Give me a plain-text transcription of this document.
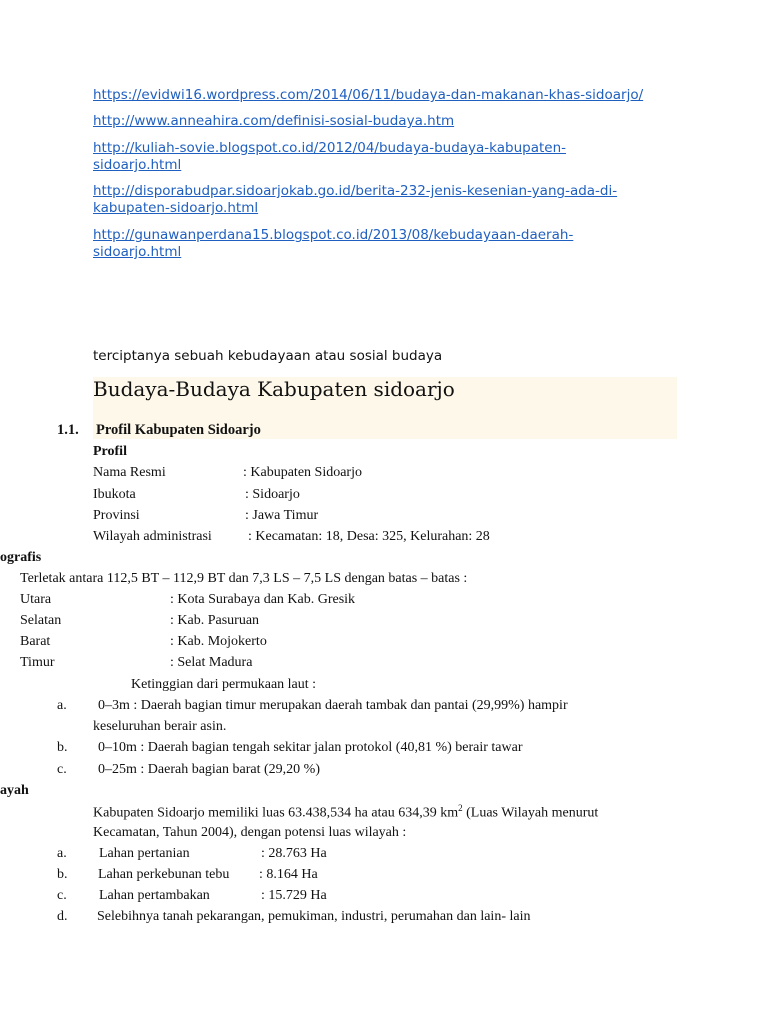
https://evidwi16.wordpress.com/2014/06/11/budaya-dan-makanan-khas-sidoarjo/
http://www.anneahira.com/definisi-sosial-budaya.htm
http://kuliah-sovie.blogspot.co.id/2012/04/budaya-budaya-kabupaten-
sidoarjo.html
http://disporabudpar.sidoarjokab.go.id/berita-232-jenis-kesenian-yang-ada-di-
kabupaten-sidoarjo.html
http://gunawanperdana15.blogspot.co.id/2013/08/kebudayaan-daerah-
sidoarjo.html
terciptanya sebuah kebudayaan atau sosial budaya
Budaya-Budaya Kabupaten sidoarjo
1.1. Profil Kabupaten Sidoarjo
Profil
Nama Resmi	: Kabupaten Sidoarjo
Ibukota	: Sidoarjo
Provinsi	: Jawa Timur
Wilayah administrasi	: Kecamatan: 18, Desa: 325, Kelurahan: 28
ografis
Terletak antara 112,5 BT – 112,9 BT dan 7,3 LS – 7,5 LS dengan batas – batas :
Utara	: Kota Surabaya dan Kab. Gresik
Selatan	: Kab. Pasuruan
Barat	: Kab. Mojokerto
Timur	: Selat Madura
Ketinggian dari permukaan laut :
a. 0–3m : Daerah bagian timur merupakan daerah tambak dan pantai (29,99%) hampir
keseluruhan berair asin.
b. 0–10m : Daerah bagian tengah sekitar jalan protokol (40,81 %) berair tawar
c. 0–25m : Daerah bagian barat (29,20 %)
ayah
Kabupaten Sidoarjo memiliki luas 63.438,534 ha atau 634,39 $km^2$ (Luas Wilayah menurut
Kecamatan, Tahun 2004), dengan potensi luas wilayah :
a. Lahan pertanian	: 28.763 Ha
b. Lahan perkebunan tebu : 8.164 Ha
c. Lahan pertambakan	: 15.729 Ha
d. Selebihnya tanah pekarangan, pemukiman, industri, perumahan dan lain- lain
